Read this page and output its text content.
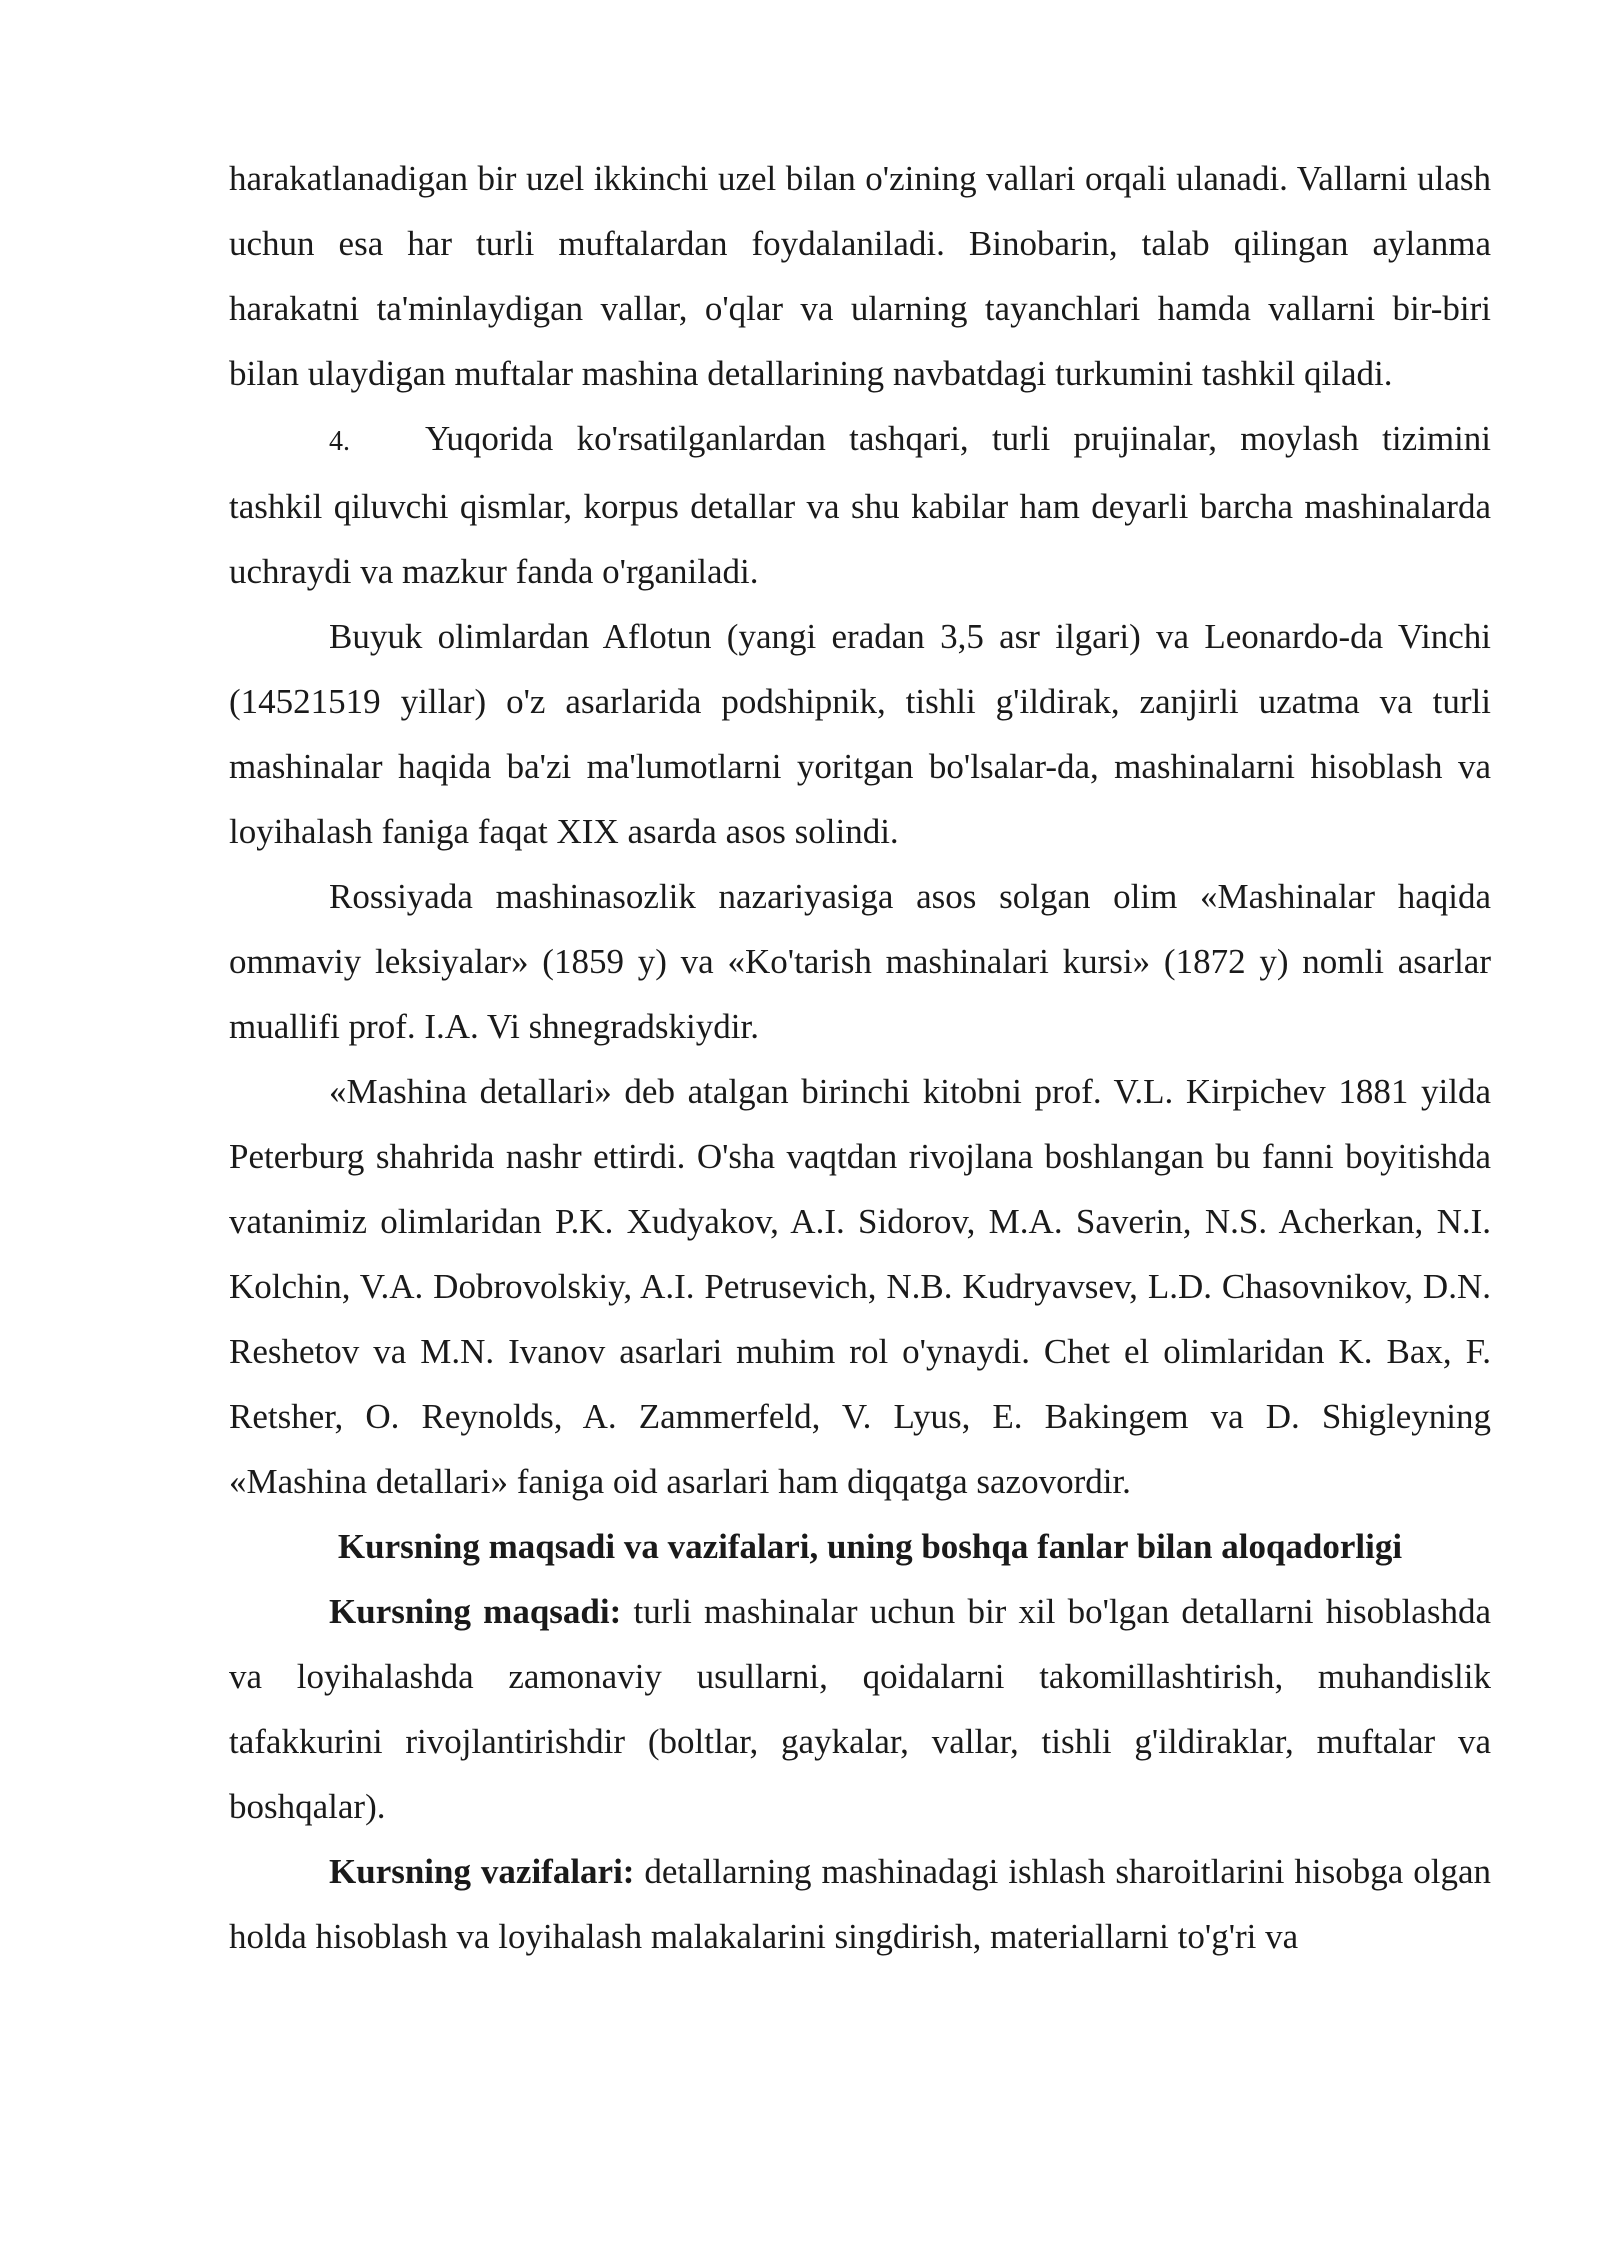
harakatlanadigan bir uzel ikkinchi uzel bilan o'zining vallari orqali ulanadi. Vallarni ulash uchun esa har turli muftalardan foydalaniladi. Binobarin, talab qilingan aylanma harakatni ta'minlaydigan vallar, o'qlar va ularning tayanchlari hamda vallarni bir-biri bilan ulaydigan muftalar mashina detallarining navbatdagi turkumini tashkil qiladi.

4. Yuqorida ko'rsatilganlardan tashqari, turli prujinalar, moylash tizimini tashkil qiluvchi qismlar, korpus detallar va shu kabilar ham deyarli barcha mashinalarda uchraydi va mazkur fanda o'rganiladi.

Buyuk olimlardan Aflotun (yangi eradan 3,5 asr ilgari) va Leonardo-da Vinchi (14521519 yillar) o'z asarlarida podshipnik, tishli g'ildirak, zanjirli uzatma va turli mashinalar haqida ba'zi ma'lumotlarni yoritgan bo'lsalar-da, mashinalarni hisoblash va loyihalash faniga faqat XIX asarda asos solindi.

Rossiyada mashinasozlik nazariyasiga asos solgan olim «Mashinalar haqida ommaviy leksiyalar» (1859 y) va «Ko'tarish mashinalari kursi» (1872 y) nomli asarlar muallifi prof. I.A. Vi shnegradskiydir.

«Mashina detallari» deb atalgan birinchi kitobni prof. V.L. Kirpichev 1881 yilda Peterburg shahrida nashr ettirdi. O'sha vaqtdan rivojlana boshlangan bu fanni boyitishda vatanimiz olimlaridan P.K. Xudyakov, A.I. Sidorov, M.A. Saverin, N.S. Acherkan, N.I. Kolchin, V.A. Dobrovolskiy, A.I. Petrusevich, N.B. Kudryavsev, L.D. Chasovnikov, D.N. Reshetov va M.N. Ivanov asarlari muhim rol o'ynaydi. Chet el olimlaridan K. Bax, F. Retsher, O. Reynolds, A. Zammerfeld, V. Lyus, E. Bakingem va D. Shigleyning «Mashina detallari» faniga oid asarlari ham diqqatga sazovordir.

Kursning maqsadi va vazifalari, uning boshqa fanlar bilan aloqadorligi

Kursning maqsadi: turli mashinalar uchun bir xil bo'lgan detallarni hisoblashda va loyihalashda zamonaviy usullarni, qoidalarni takomillashtirish, muhandislik tafakkurini rivojlantirishdir (boltlar, gaykalar, vallar, tishli g'ildiraklar, muftalar va boshqalar).

Kursning vazifalari: detallarning mashinadagi ishlash sharoitlarini hisobga olgan holda hisoblash va loyihalash malakalarini singdirish, materiallarni to'g'ri va
